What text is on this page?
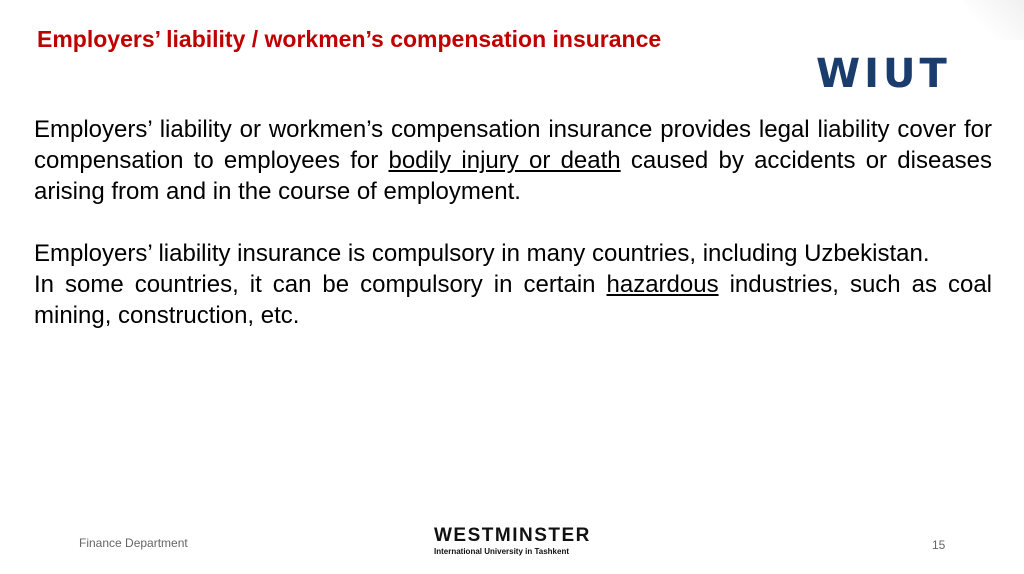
Employers’ liability / workmen’s compensation insurance
WIUT

Employers’ liability or workmen’s compensation insurance provides legal liability cover for compensation to employees for bodily injury or death caused by accidents or diseases arising from and in the course of employment.

Employers’ liability insurance is compulsory in many countries, including Uzbekistan.

In some countries, it can be compulsory in certain hazardous industries, such as coal mining, construction, etc.

Finance Department	WESTMINSTER
International University in Tashkent	15
